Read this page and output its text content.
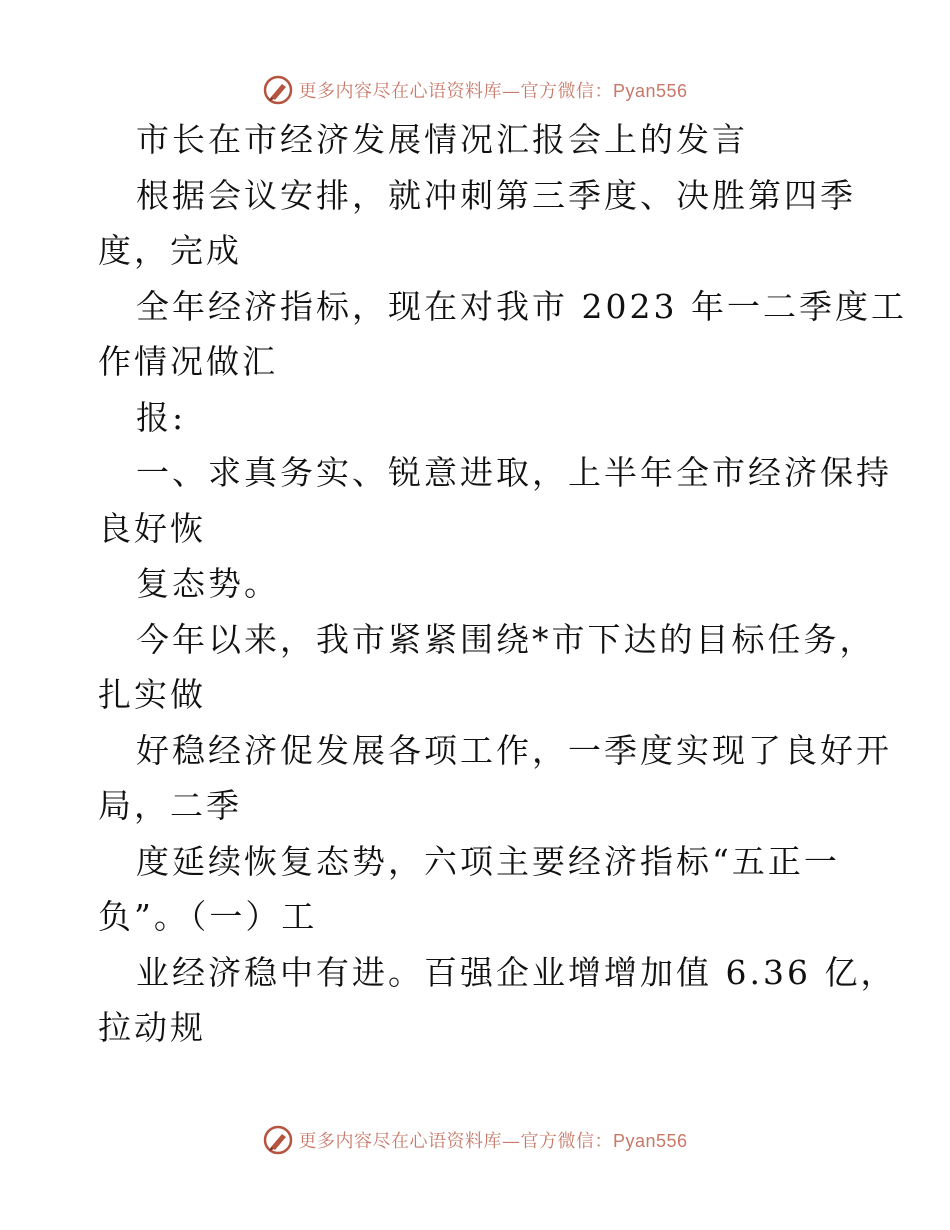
更多内容尽在心语资料库—官方微信：Pyan556
市长在市经济发展情况汇报会上的发言
根据会议安排，就冲刺第三季度、决胜第四季
度，完成
全年经济指标，现在对我市 2023 年一二季度工
作情况做汇
报:
一、求真务实、锐意进取，上半年全市经济保持
良好恢
复态势。
今年以来，我市紧紧围绕*市下达的目标任务，
扎实做
好稳经济促发展各项工作，一季度实现了良好开
局，二季
度延续恢复态势，六项主要经济指标“五正一
负”。（一）工
业经济稳中有进。百强企业增增加值 6.36 亿，
拉动规
更多内容尽在心语资料库—官方微信：Pyan556
